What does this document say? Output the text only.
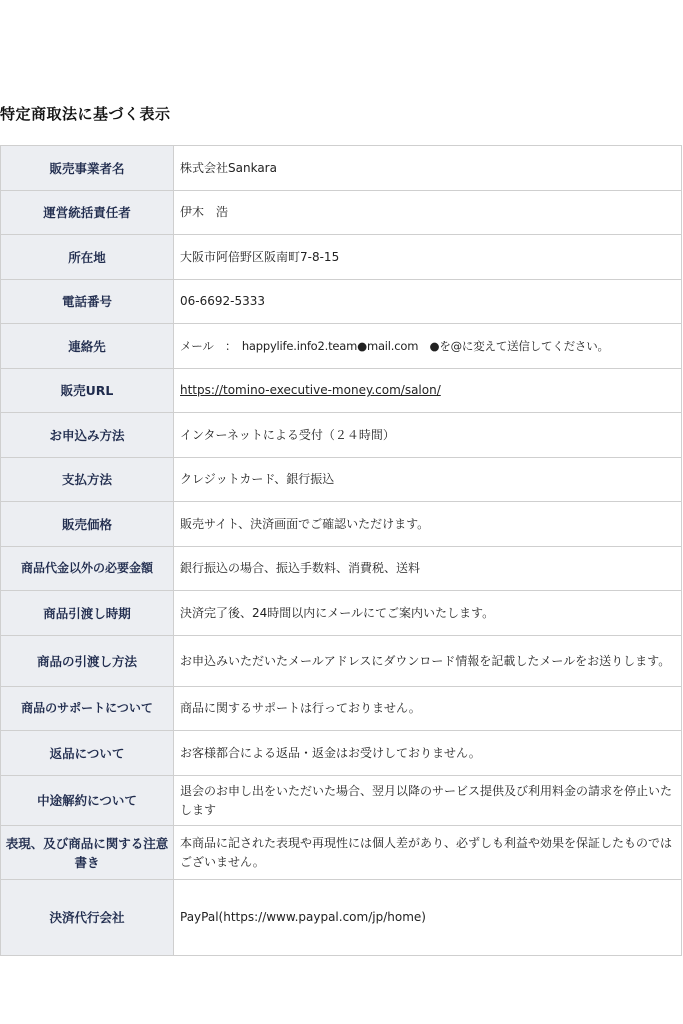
特定商取法に基づく表示
販売事業者名	株式会社Sankara
運営統括責任者	伊木　浩
所在地	大阪市阿倍野区阪南町7-8-15
電話番号	06-6692-5333
連絡先	メール　：　happylife.info2.team●mail.com　●を@に変えて送信してください。
販売URL	https://tomino-executive-money.com/salon/
お申込み方法	インターネットによる受付（２４時間）
支払方法	クレジットカード、銀行振込
販売価格	販売サイト、決済画面でご確認いただけます。
商品代金以外の必要金額	銀行振込の場合、振込手数料、消費税、送料
商品引渡し時期	決済完了後、24時間以内にメールにてご案内いたします。
商品の引渡し方法	お申込みいただいたメールアドレスにダウンロード情報を記載したメールをお送りします。
商品のサポートについて	商品に関するサポートは行っておりません。
返品について	お客様都合による返品・返金はお受けしておりません。
中途解約について	退会のお申し出をいただいた場合、翌月以降のサービス提供及び利用料金の請求を停止いたします
表現、及び商品に関する注意書き	本商品に記された表現や再現性には個人差があり、必ずしも利益や効果を保証したものではございません。
決済代行会社	PayPal(https://www.paypal.com/jp/home)
